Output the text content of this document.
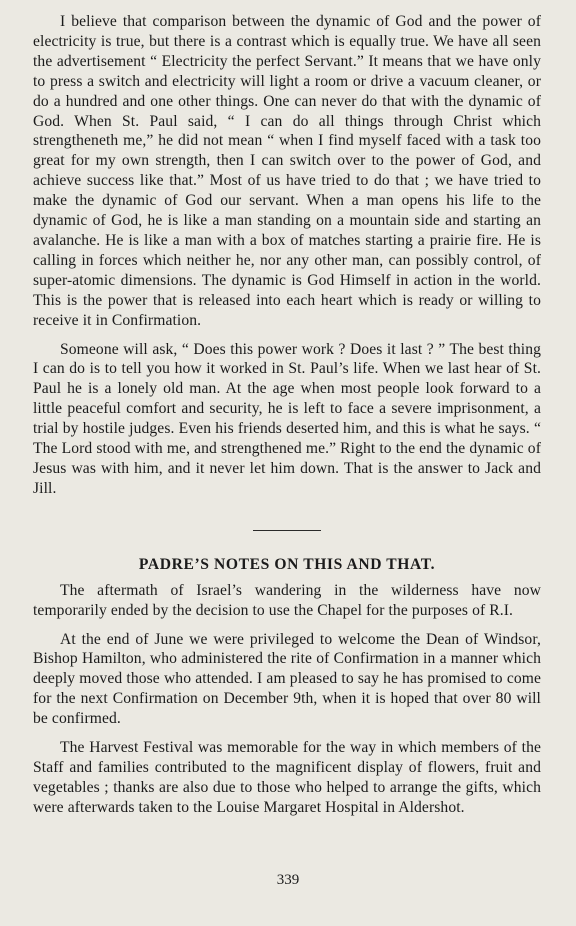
I believe that comparison between the dynamic of God and the power of electricity is true, but there is a contrast which is equally true. We have all seen the advertisement “ Electricity the perfect Servant.” It means that we have only to press a switch and electricity will light a room or drive a vacuum cleaner, or do a hundred and one other things. One can never do that with the dynamic of God. When St. Paul said, “ I can do all things through Christ which strengtheneth me,” he did not mean “ when I find myself faced with a task too great for my own strength, then I can switch over to the power of God, and achieve success like that.” Most of us have tried to do that ; we have tried to make the dynamic of God our servant. When a man opens his life to the dynamic of God, he is like a man standing on a mountain side and starting an avalanche. He is like a man with a box of matches starting a prairie fire. He is calling in forces which neither he, nor any other man, can possibly control, of super-atomic dimensions. The dynamic is God Himself in action in the world. This is the power that is released into each heart which is ready or willing to receive it in Confirmation.

Someone will ask, “ Does this power work ? Does it last ? ” The best thing I can do is to tell you how it worked in St. Paul’s life. When we last hear of St. Paul he is a lonely old man. At the age when most people look forward to a little peaceful comfort and security, he is left to face a severe imprisonment, a trial by hostile judges. Even his friends deserted him, and this is what he says. “ The Lord stood with me, and strengthened me.” Right to the end the dynamic of Jesus was with him, and it never let him down. That is the answer to Jack and Jill.

PADRE’S NOTES ON THIS AND THAT.

The aftermath of Israel’s wandering in the wilderness have now temporarily ended by the decision to use the Chapel for the purposes of R.I.

At the end of June we were privileged to welcome the Dean of Windsor, Bishop Hamilton, who administered the rite of Confirmation in a manner which deeply moved those who attended. I am pleased to say he has promised to come for the next Confirmation on December 9th, when it is hoped that over 80 will be confirmed.

The Harvest Festival was memorable for the way in which members of the Staff and families contributed to the magnificent display of flowers, fruit and vegetables ; thanks are also due to those who helped to arrange the gifts, which were afterwards taken to the Louise Margaret Hospital in Aldershot.

339
